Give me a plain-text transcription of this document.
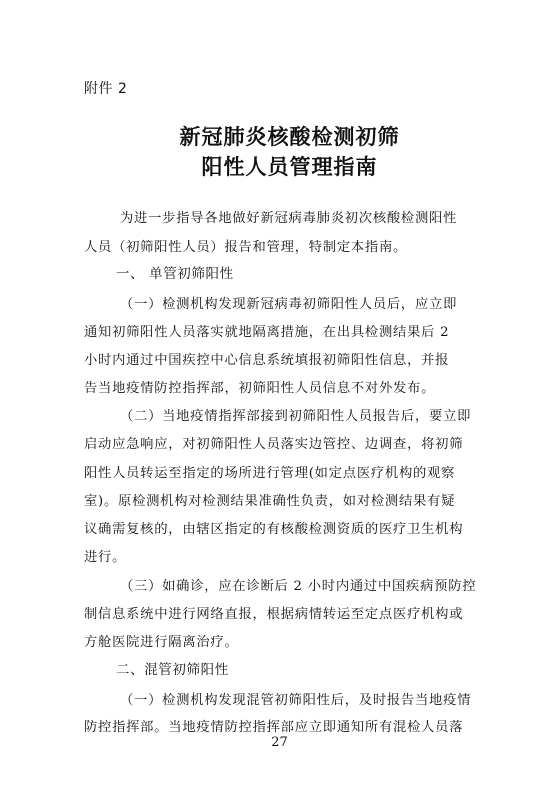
附件 2
新冠肺炎核酸检测初筛
阳性人员管理指南
为进一步指导各地做好新冠病毒肺炎初次核酸检测阳性
人员（初筛阳性人员）报告和管理，特制定本指南。
一、 单管初筛阳性
（一）检测机构发现新冠病毒初筛阳性人员后，应立即
通知初筛阳性人员落实就地隔离措施，在出具检测结果后 2
小时内通过中国疾控中心信息系统填报初筛阳性信息，并报
告当地疫情防控指挥部，初筛阳性人员信息不对外发布。
（二）当地疫情指挥部接到初筛阳性人员报告后，要立即
启动应急响应，对初筛阳性人员落实边管控、边调查，将初筛
阳性人员转运至指定的场所进行管理(如定点医疗机构的观察
室)。原检测机构对检测结果准确性负责，如对检测结果有疑
议确需复核的，由辖区指定的有核酸检测资质的医疗卫生机构
进行。
（三）如确诊，应在诊断后 2 小时内通过中国疾病预防控
制信息系统中进行网络直报，根据病情转运至定点医疗机构或
方舱医院进行隔离治疗。
二、混管初筛阳性
（一）检测机构发现混管初筛阳性后，及时报告当地疫情
防控指挥部。当地疫情防控指挥部应立即通知所有混检人员落
27
